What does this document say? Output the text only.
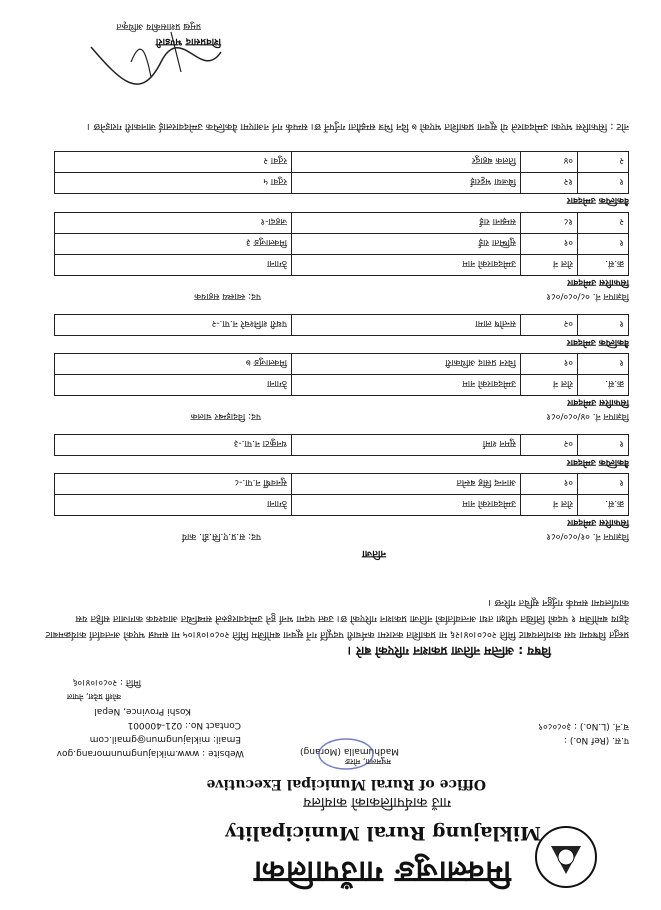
मिक्लाजुङ गाउँपालिका
Miklajung Rural Municipality
गाउँ कार्यपालिकाको कार्यालय
Office of Rural Municipal Executive
मधुमल्ला, मोरङ
Madhumalla (Morang)
प.स. (Ref No.) :
च.नं. (L.No.) : ३०८०८०९
Website : www.miklajungmunmorang.gov
Email: miklajungmun@gmail.com
Contact No.: 021-400001
Koshi Province, Nepal
कोशी प्रदेश, नेपाल
मिति : २०८०।०४।०६
विषय : अन्तिम नतिजा प्रकाशन गरिएको बारे ।
प्रस्तुत विषयमा यस कार्यालयबाट मिति २०८०।०४।२६ मा प्रकाशित करारमा कर्मचारी पदपूर्ति गर्ने सूचना बमोजिम मिति २०८०।०४।०५ मा सम्पन्न भएको अन्तर्वार्ता कार्यक्रमबाट देहाय बमोजिम १ पदको लिखित परीक्षा तथा अन्तर्वार्ताको नतिजा प्रकाशन गरिएको छ। उक्त पदमा भर्ना हुने उम्मेदवारहरुले सम्बन्धित आवश्यक कागजात सहित यस कार्यालयमा सम्पर्क गर्नुहुन सूचित गरिन्छ ।
नतिजा
विज्ञापन नं. ०१/०८०/०८१
पद: स.प्र.ए.सि.डी. कार्य
सिफारिस उम्मेदवार
क्र.सं.	रोल नं	उम्मेदवारको नाम	ठेगाना
१	०१	आनन्द सिंह बस्नेत	सुनवर्षी न.पा.-८
वैकल्पिक उम्मेदवार
१	०२	सुमन शर्मा	धनकुटा न.पा.-३
विज्ञापन नं. ०४/०८०/०८१
पद: विदाइम्बर चालक
सिफारिस उम्मेदवार
क्र.सं.	रोल नं	उम्मेदवारको नाम	ठेगाना
१	०१	चिरन प्रसाद अधिकारी	मिक्लाजुङ ७
वैकल्पिक उम्मेदवार
१	०२	सन्तोष लामा	पथरी शनिश्चरे न.पा.-२
विज्ञापन नं. ०८/०८०/०८१
पद: स्वास्थ्य सहायक
सिफारिस उम्मेदवार
क्र.सं.	रोल नं	उम्मेदवारको नाम	ठेगाना
१	०१	सुष्मिता राई	मिक्लाजुङ ३
२	१८	सम्झना राई	जहदा-१
वैकल्पिक उम्मेदवार
१	१२	बिजया भट्टराई	रतुवा ५
२	०४	तिलक बहादुर	रतुवा २
नोट : सिफारिस भएका उम्मेदवारले यो सूचना प्रकाशित भएको ७ दिन भित्र सम्झौता गर्नुपर्ने छ। सम्पर्क गर्न नआएमा वैकल्पिक उम्मेदवारलाई जानकारी गराइनेछ ।
शिवप्रसाद भण्डारी
प्रमुख प्रशासकीय अधिकृत
